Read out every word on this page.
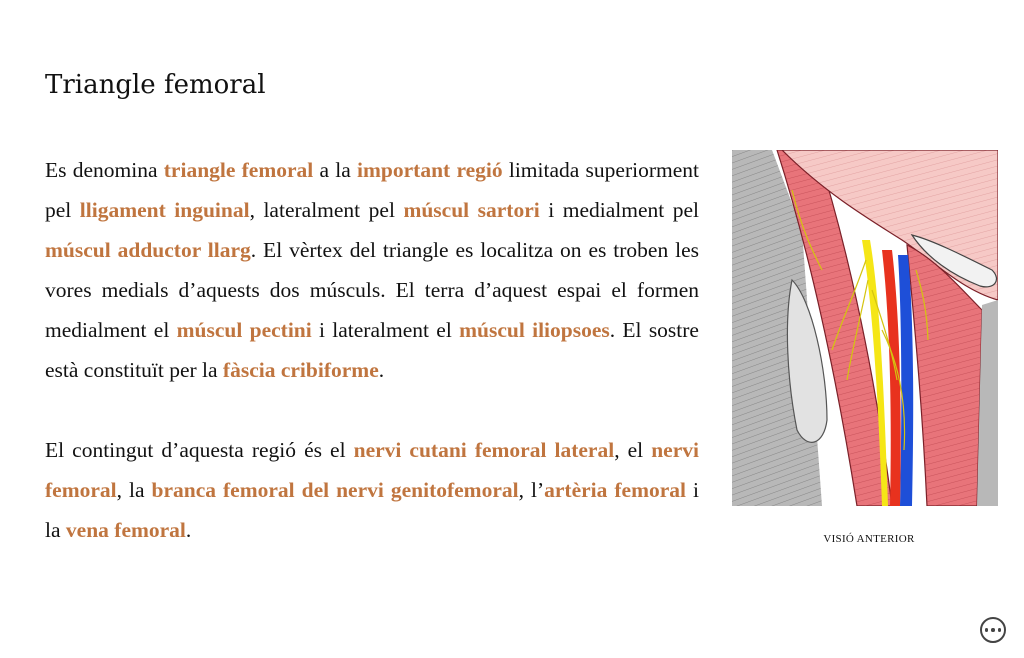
Triangle femoral

Es denomina triangle femoral a la important regió limitada superiorment pel lligament inguinal, lateralment pel múscul sartori i medialment pel múscul adductor llarg. El vèrtex del triangle es localitza on es troben les vores medials d’aquests dos músculs. El terra d’aquest espai el formen medialment el múscul pectini i lateralment el múscul iliopsoes. El sostre està constituït per la fàscia cribiforme.

El contingut d’aquesta regió és el nervi cutani femoral lateral, el nervi femoral, la branca femoral del nervi genitofemoral, l’artèria femoral i la vena femoral.	VISIÓ ANTERIOR
